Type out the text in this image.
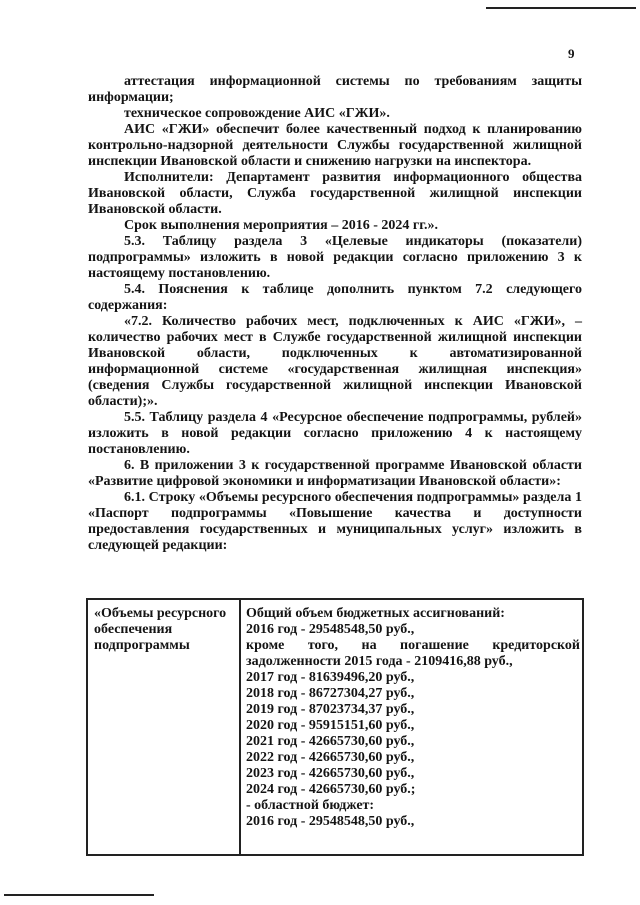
9

аттестация информационной системы по требованиям защиты информации;

техническое сопровождение АИС «ГЖИ».

АИС «ГЖИ» обеспечит более качественный подход к планированию контрольно-надзорной деятельности Службы государственной жилищной инспекции Ивановской области и снижению нагрузки на инспектора.

Исполнители: Департамент развития информационного общества Ивановской области, Служба государственной жилищной инспекции Ивановской области.

Срок выполнения мероприятия – 2016 - 2024 гг.».

5.3. Таблицу раздела 3 «Целевые индикаторы (показатели) подпрограммы» изложить в новой редакции согласно приложению 3 к настоящему постановлению.

5.4. Пояснения к таблице дополнить пунктом 7.2 следующего содержания:

«7.2. Количество рабочих мест, подключенных к АИС «ГЖИ», – количество рабочих мест в Службе государственной жилищной инспекции Ивановской области, подключенных к автоматизированной информационной системе «государственная жилищная инспекция» (сведения Службы государственной жилищной инспекции Ивановской области);».

5.5. Таблицу раздела 4 «Ресурсное обеспечение подпрограммы, рублей» изложить в новой редакции согласно приложению 4 к настоящему постановлению.

6. В приложении 3 к государственной программе Ивановской области «Развитие цифровой экономики и информатизации Ивановской области»:

6.1. Строку «Объемы ресурсного обеспечения подпрограммы» раздела 1 «Паспорт подпрограммы «Повышение качества и доступности предоставления государственных и муниципальных услуг» изложить в следующей редакции:

«Объемы ресурсного обеспечения подпрограммы
Общий объем бюджетных ассигнований:
2016 год - 29548548,50 руб.,
кроме того, на погашение кредиторской задолженности 2015 года - 2109416,88 руб.,
2017 год - 81639496,20 руб.,
2018 год - 86727304,27 руб.,
2019 год - 87023734,37 руб.,
2020 год - 95915151,60 руб.,
2021 год - 42665730,60 руб.,
2022 год - 42665730,60 руб.,
2023 год - 42665730,60 руб.,
2024 год - 42665730,60 руб.;
- областной бюджет:
2016 год - 29548548,50 руб.,
